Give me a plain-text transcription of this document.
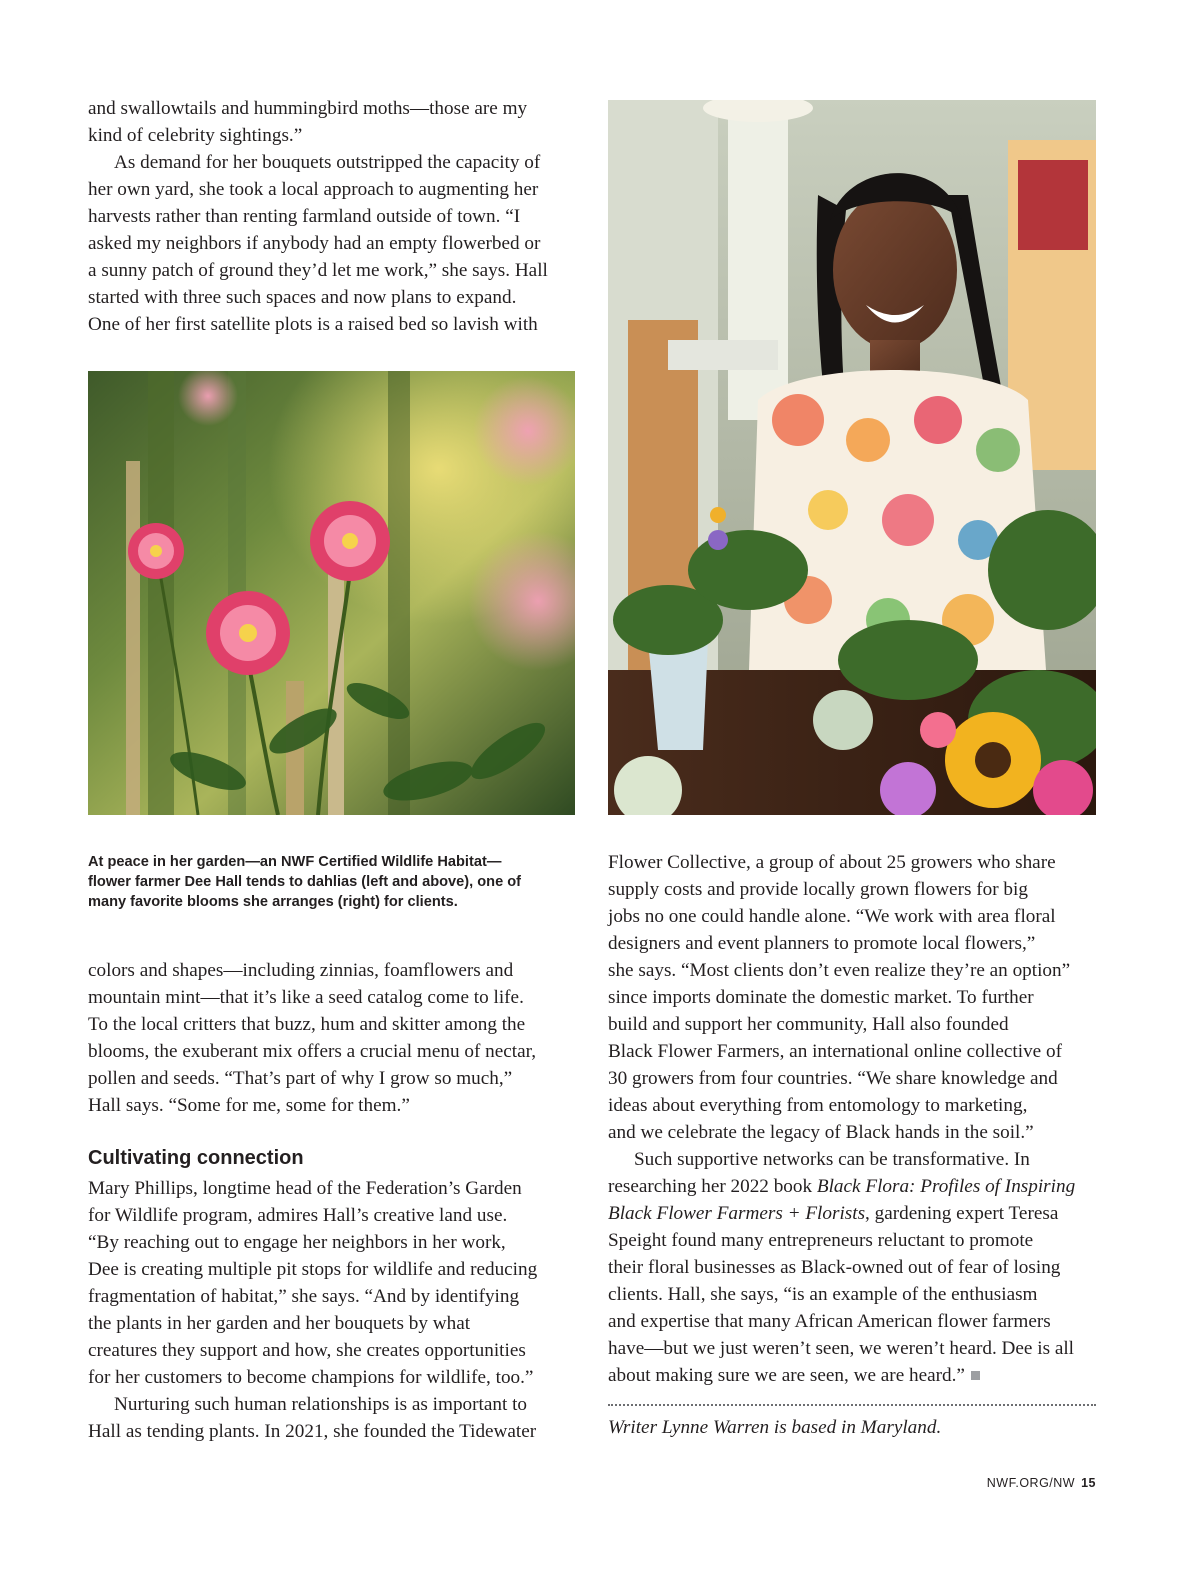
and swallowtails and hummingbird moths—those are my

kind of celebrity sightings.”

As demand for her bouquets outstripped the capacity of

her own yard, she took a local approach to augmenting her

harvests rather than renting farmland outside of town. “I

asked my neighbors if anybody had an empty flowerbed or

a sunny patch of ground they’d let me work,” she says. Hall

started with three such spaces and now plans to expand.

One of her first satellite plots is a raised bed so lavish with

At peace in her garden—an NWF Certified Wildlife Habitat—
flower farmer Dee Hall tends to dahlias (left and above), one of
many favorite blooms she arranges (right) for clients.

colors and shapes—including zinnias, foamflowers and

mountain mint—that it’s like a seed catalog come to life.

To the local critters that buzz, hum and skitter among the

blooms, the exuberant mix offers a crucial menu of nectar,

pollen and seeds. “That’s part of why I grow so much,”

Hall says. “Some for me, some for them.”

Cultivating connection

Mary Phillips, longtime head of the Federation’s Garden

for Wildlife program, admires Hall’s creative land use.

“By reaching out to engage her neighbors in her work,

Dee is creating multiple pit stops for wildlife and reducing

fragmentation of habitat,” she says. “And by identifying

the plants in her garden and her bouquets by what

creatures they support and how, she creates opportunities

for her customers to become champions for wildlife, too.”

Nurturing such human relationships is as important to

Hall as tending plants. In 2021, she founded the Tidewater

Flower Collective, a group of about 25 growers who share

supply costs and provide locally grown flowers for big

jobs no one could handle alone. “We work with area floral

designers and event planners to promote local flowers,”

she says. “Most clients don’t even realize they’re an option”

since imports dominate the domestic market. To further

build and support her community, Hall also founded

Black Flower Farmers, an international online collective of

30 growers from four countries. “We share knowledge and

ideas about everything from entomology to marketing,

and we celebrate the legacy of Black hands in the soil.”

Such supportive networks can be transformative. In

researching her 2022 book Black Flora: Profiles of Inspiring

Black Flower Farmers + Florists, gardening expert Teresa

Speight found many entrepreneurs reluctant to promote

their floral businesses as Black-owned out of fear of losing

clients. Hall, she says, “is an example of the enthusiasm

and expertise that many African American flower farmers

have—but we just weren’t seen, we weren’t heard. Dee is all

about making sure we are seen, we are heard.”

Writer Lynne Warren is based in Maryland.

NWF.ORG/NW 15
